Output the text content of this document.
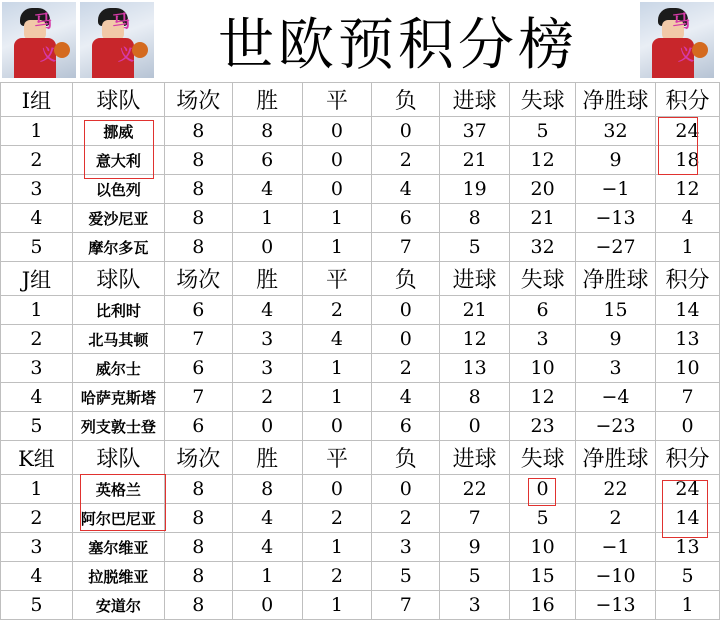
马
义
马
义
马
义
世欧预积分榜
I组	球队	场次	胜	平	负	进球	失球	净胜球	积分
1	挪威	8	8	0	0	37	5	32	24
2	意大利	8	6	0	2	21	12	9	18
3	以色列	8	4	0	4	19	20	−1	12
4	爱沙尼亚	8	1	1	6	8	21	−13	4
5	摩尔多瓦	8	0	1	7	5	32	−27	1
J组	球队	场次	胜	平	负	进球	失球	净胜球	积分
1	比利时	6	4	2	0	21	6	15	14
2	北马其顿	7	3	4	0	12	3	9	13
3	威尔士	6	3	1	2	13	10	3	10
4	哈萨克斯塔	7	2	1	4	8	12	−4	7
5	列支敦士登	6	0	0	6	0	23	−23	0
K组	球队	场次	胜	平	负	进球	失球	净胜球	积分
1	英格兰	8	8	0	0	22	0	22	24
2	阿尔巴尼亚	8	4	2	2	7	5	2	14
3	塞尔维亚	8	4	1	3	9	10	−1	13
4	拉脱维亚	8	1	2	5	5	15	−10	5
5	安道尔	8	0	1	7	3	16	−13	1
